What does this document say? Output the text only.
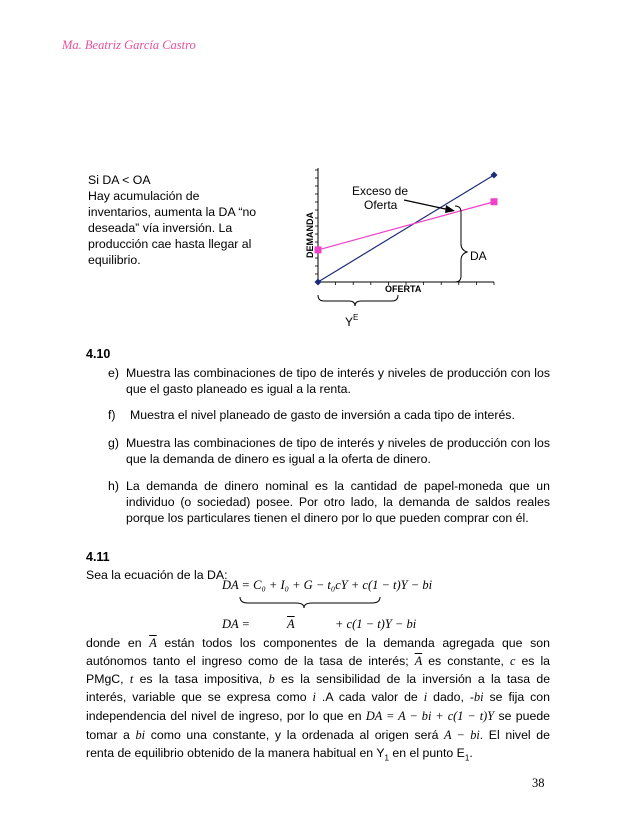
Ma. Beatriz García Castro
Si DA < OA
Hay acumulación de
inventarios, aumenta la DA “no
deseada” vía inversión. La
producción cae hasta llegar al
equilibrio.
DEMANDA
OFERTA
Exceso de
Oferta
DA
$Y^E$
4.10
e) Muestra las combinaciones de tipo de interés y niveles de producción con los que el gasto planeado es igual a la renta.
f) Muestra el nivel planeado de gasto de inversión a cada tipo de interés.
g) Muestra las combinaciones de tipo de interés y niveles de producción con los que la demanda de dinero es igual a la oferta de dinero.
h) La demanda de dinero nominal es la cantidad de papel-moneda que un individuo (o sociedad) posee. Por otro lado, la demanda de saldos reales porque los particulares tienen el dinero por lo que pueden comprar con él.
4.11
Sea la ecuación de la DA:
DA = C₀ + I₀ + G − t₀cY + c(1 − t)Y − bi
DA =	$\overline{A}$	+ c(1 − t)Y − bi
donde en $\overline{A}$ están todos los componentes de la demanda agregada que son
autónomos tanto el ingreso como de la tasa de interés; $\overline{A}$ es constante, c es la
PMgC, t es la tasa impositiva, b es la sensibilidad de la inversión a la tasa de
interés, variable que se expresa como i .A cada valor de i dado, -bi se fija con
independencia del nivel de ingreso, por lo que en DA = A − bi + c(1 − t)Y se puede
tomar a bi como una constante, y la ordenada al origen será A − bi. El nivel de
renta de equilibrio obtenido de la manera habitual en $Y_1$ en el punto $E_1$.
38
